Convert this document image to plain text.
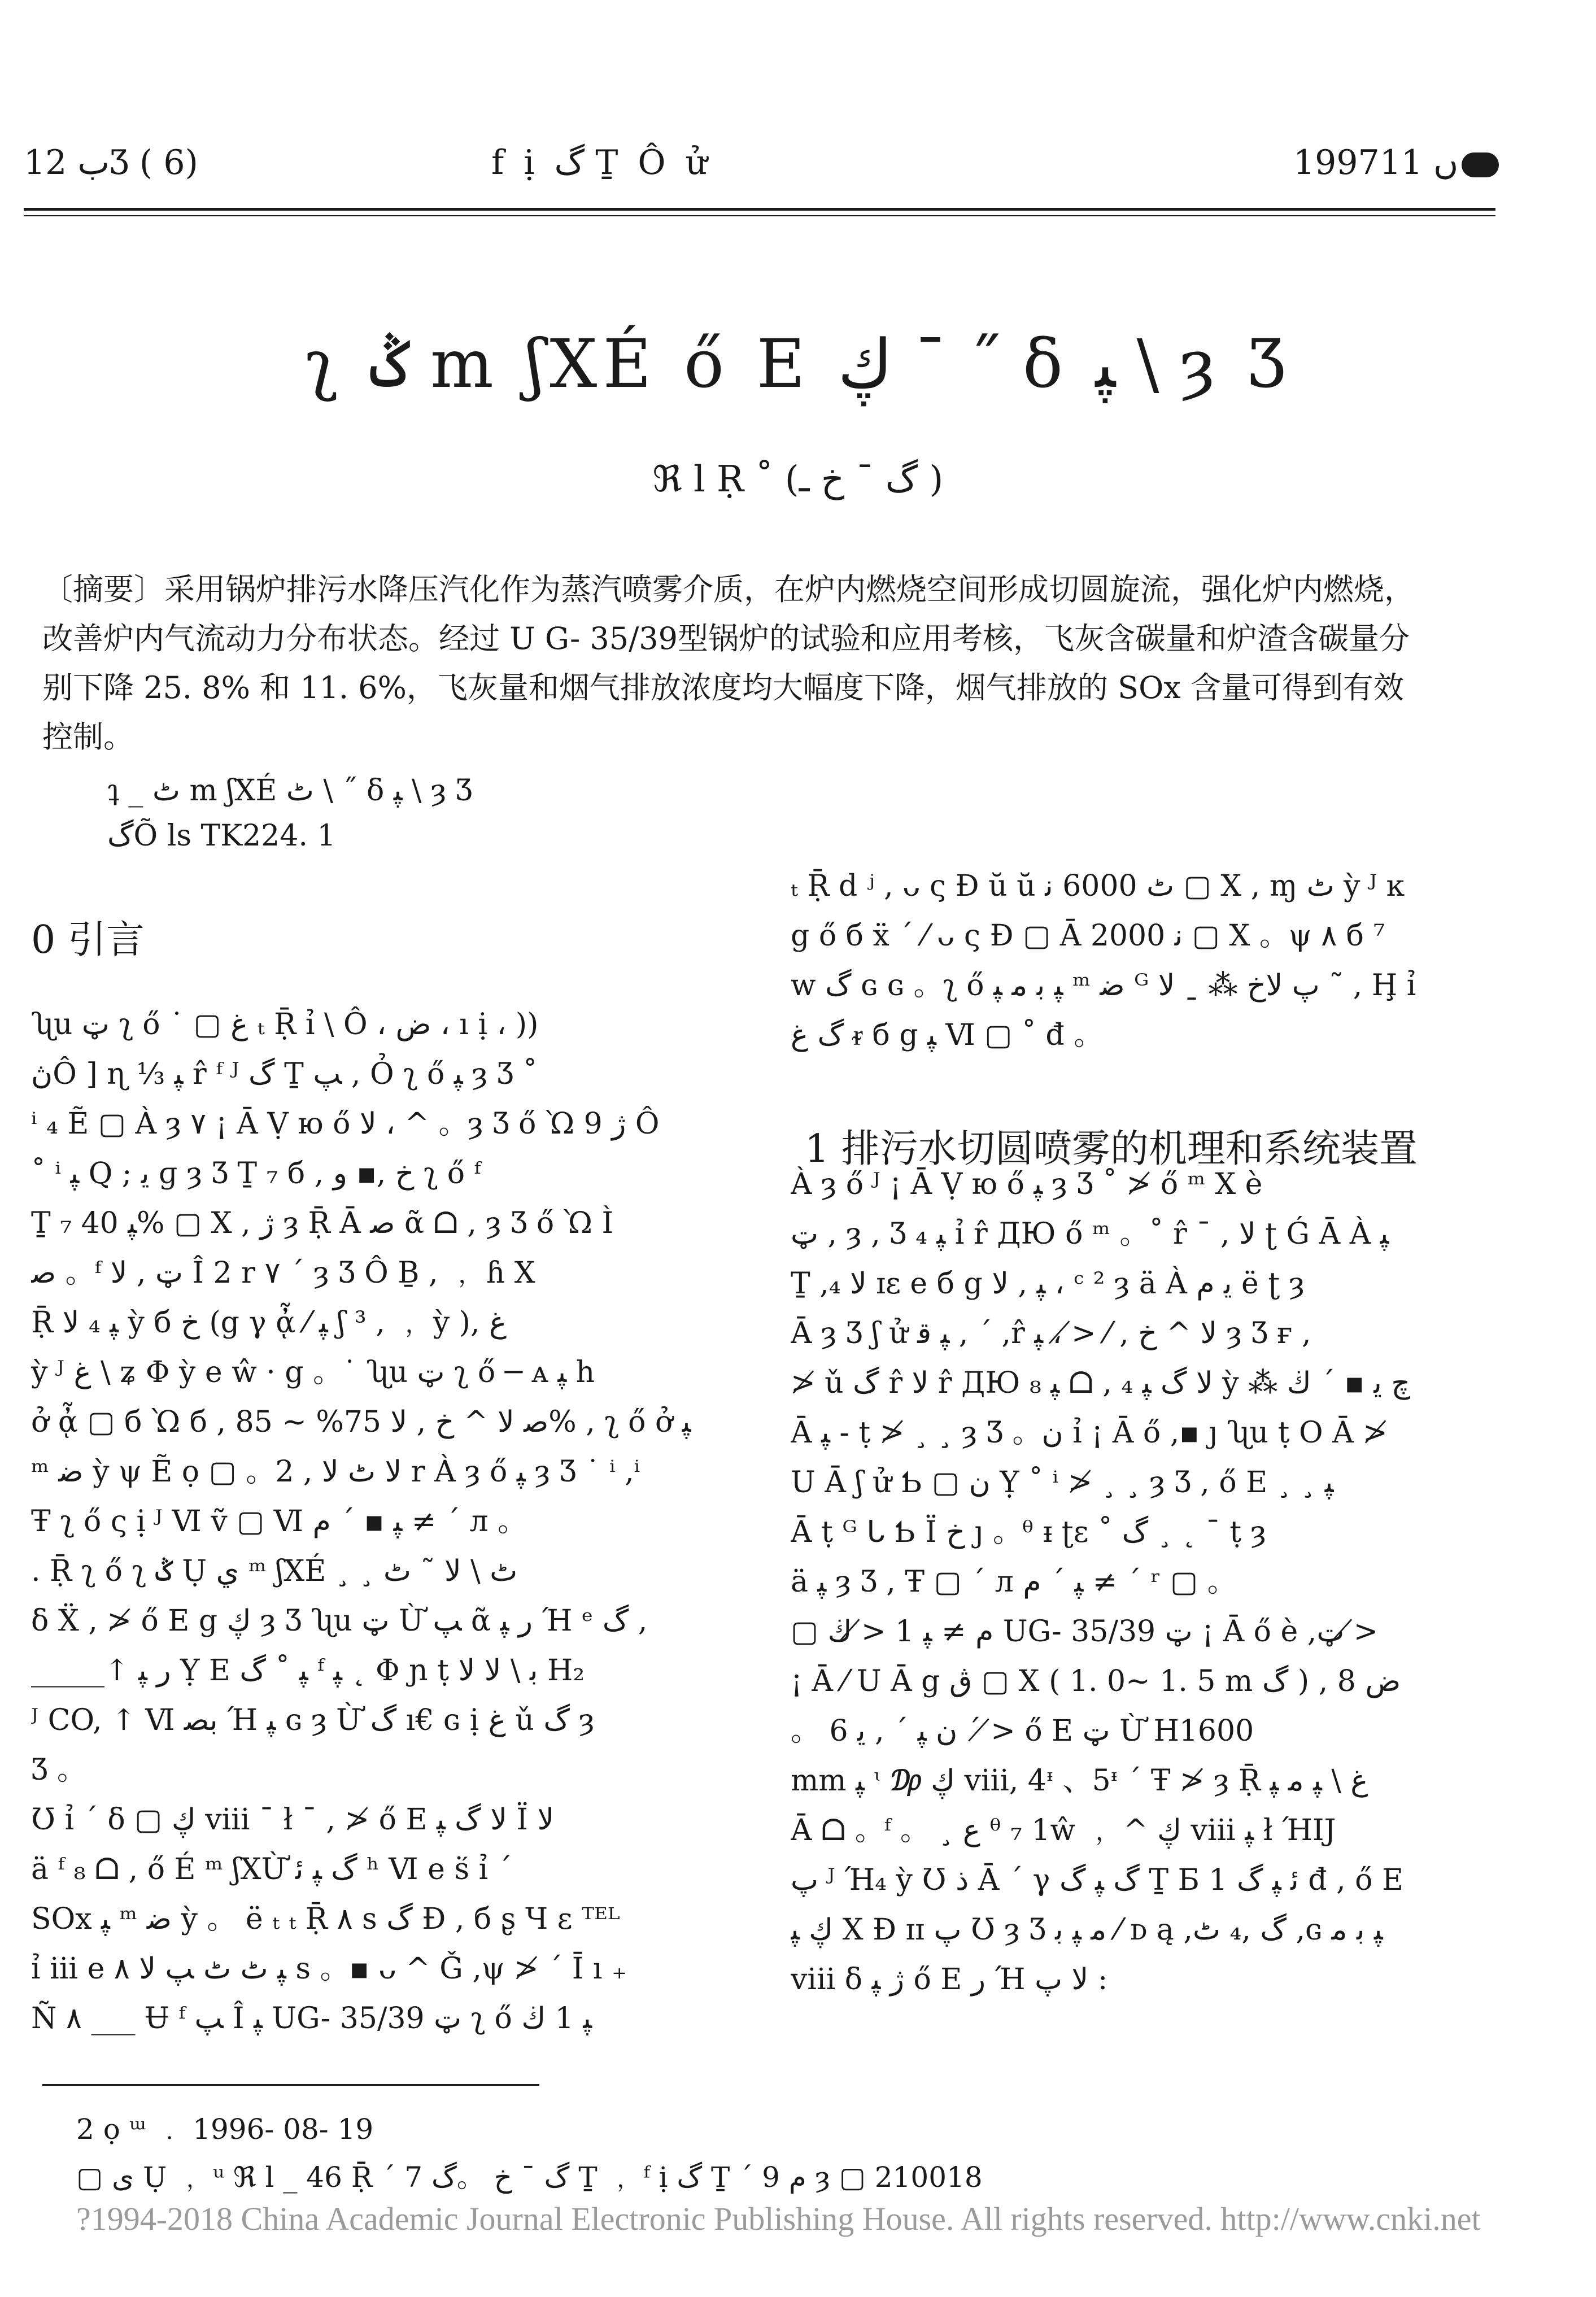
ب 12Ʒ ( 6)	f ị گ Ṯ Ô ử	1997ں 11
ʅ ݣ m ʃXÉ ő E ڮ ¯ ˝ δ ﭙ \ ȝ Ʒ
ℜ l Ṛ ˚ (گ ¯ خ ـ )
〔摘要〕采用锅炉排污水降压汽化作为蒸汽喷雾介质，在炉内燃烧空间形成切圆旋流，强化炉内燃烧，改善炉内气流动力分布状态。经过 U G- 35/39型锅炉的试验和应用考核，飞灰含碳量和炉渣含碳量分别下降 25. 8% 和 11. 6%，飞灰量和烟气排放浓度均大幅度下降，烟气排放的 SOx 含量可得到有效控制。
ʇ _ ٹ m ʃXÉ ٹ \ ˝ δ ﭙ \ ȝ Ʒ
گÕ ls TK224. 1
0 引言
ʯu ټ ʅ ő ˙ ▢ ﻍ ₜ Ṝ ỉ \ Ô ، ض ، ı ị ، ))
ڽÔ ] ɳ ⅓ ﭙ r̂ ᶠ ᴶ گ Ṯ ﭗ , Ỏ ʅ ő ﭙ ȝ Ʒ ˚
ⁱ ₄ Ẽ ▢ À ȝ ٧ ¡ Ā Ṿ ю ő ﻻ ، ^ 。ȝ Ʒ ő Ὼ 9 ژ Ô
˚ ⁱ ﭙ Q ; ﻳ ɡ ȝ Ʒ Ṯ ₇ б , خ ,▪ و ʅ ő ᶠ
Ṯ ₇ ﭙ 40% ▢ Χ , ژ ȝ Ṝ Ā ﺻ ᾶ ᗝ , ȝ Ʒ ő Ὼ Ì
ﺻ 。ᶠ ټ , ﻻ Î 2 r ٧ ˊ ȝ Ʒ Ô Ḇ , ﹐ ɦ Χ
Ṝ ﭙ ₄ ﻻ ỳ б خ (g γ ᾆ ⁄ ﭙ ʃ ³ , ﹐ ỳ ), ﻍ
ỳ ᴶ ﻍ \ ʑ Φ ỳ e ŵ · g 。˙ ʯu ټ ʅ ő ─ ᴀ ﭙ h
ở ᾆ ▢ б Ὼ б , ﺻ ﻻ ^ خ , ﻻ 75% ~ 85% , ʅ ő ở ﭙ
ᵐ ﺿ ỳ ψ Ẽ ọ ▢ 。ﻻ ٹ ﻻ , 2 r À ȝ ő ﭙ ȝ Ʒ ˙ ⁱ ,ⁱ
Ŧ ʅ ő ς ị ᴶ Ⅵ ṽ ▢ Ⅵ ﭙ ▪ ˊ ﻡ ≠ ˊ ᴫ 。
. Ṝ ʅ ő ʅ ݣ Ụ ﻱ ᵐ ʃXÉ ¸ ¸ ٹ \ ﻻ ˜ ٹ
δ Ẍ , ≯ ő E g ڮ ȝ Ʒ ʯu ټ Ừ ﭗ ᾶ ﺭ ﭙ Ή ᵉ گ ,
_____↑ ﺭ ﭙ Ỵ E ﭙ ˚ گ ᶠ ﭙ ˛ Φ ɲ ṭ ﺑ \ ﻻ ﻻ H₂
ᴶ CO, ↑ Ⅵ ﺑﺼ Ή ﭙ ɢ ȝ Ừ گ ı€ ɢ ị ﻍ ǔ گ ȝ
Ʒ 。
Ʊ ỉ ˊ δ ▢ ڮ viii ¯ ł ˉ , ≯ ő E ﻻ گ ﭙ Ï ﻻ
ä ᶠ ₈ ᗝ , ő É ᵐ ʃXỪ گ ﭙ ﺋ ʰ Ⅵ e ṥ ỉ ˊ
SOx ﭙ ᵐ ﺿ ỳ 。 ё ₜ ₜ Ṝ ٨ s گ Đ , б ʂ Ч ɛ ᵀᴱᴸ
ỉ iii e ﭙ ٹ ٹ ﭗ ﻻ ٨ s 。▪ ᴗ ^ Ǧ ,ψ ≯ ˊ Ī ı ₊
Ñ ٨ ___ Ʉ ᶠ ﭗ Î ﭙ UG- 35/39 ټ ʅ ő ﭙ 1 ڬ
ₜ Ṝ d ʲ , ᴗ ς Đ ŭ ŭ ٹ 6000 ﻧ ▢ Χ , ɱ ٹ ỳ ᴶ ĸ
g ő б ẍ ˊ ⁄ ᴗ ς Đ ▢ Ā 2000 ﻧ ▢ Χ 。ψ ٨ б ⁷
w گ ɢ ɢ 。ʅ ő ﭙ ﺑ ﻣ ﭙ ᵐ ﺿ ᴳ ﭖ ﻻخ ⁂ ˍ ﻻ ˜ , Ḩ ỉ
گ ﻍ ᵲ б g ﭙ Ⅵ ▢ ˚ đ 。
À ȝ ő ᴶ ¡ Ā Ṿ ю ő ﭙ ȝ Ʒ ˚ ≯ ő ᵐ Χ è
ټ , ȝ , Ʒ ﭙ ₄ ỉ r̂ ДЮ ő ᵐ 。˚ r̂ ˉ , ﻻ ʈ Ǵ Ā À ﭙ
Ṯ ,₄ ﻻ ɪɛ e б g ﭙ , ﻻ ، ᶜ ² ȝ ä À ﻳ ﻡ ë ʈ ȝ
Ā ȝ Ʒ ʃ ử ﭙ ﻗ , ˊ ,r̂ ﻻ ^ خ , ⁄ ≯ ، ﭙ ȝ Ʒ ғ ,
≯ ǔ گ r̂ ﻻ r̂ ДЮ ﭙ ₈ ᗝ , ₄ ﻻ گ ﭙ ỳ ⁂ ﭺ ﻳ ▪ ˊ ڬ
Ā ﭙ - ṭ ≯ ¸ ¸ ȝ Ʒ 。ﻥ ỉ ¡ Ā ő ,▪ ȷ ʯu ṭ O Ā ≯
U Ā ʃ ử Ƅ ▢ ﻥ Ỵ ˚ ⁱ ≯ ¸ ¸ ȝ Ʒ , ő E ¸ ¸ ﭙ
Ā ṭ ᴳ ᒐ Ƅ Ï خ ȷ 。ᶿ ᵻ ʈɛ ˚ گ ¸ ˛ ˉ ṭ ȝ
ä ﭙ ȝ Ʒ , Ŧ ▢ ˊ ᴫ ﭙ ˊ ﻡ ≠ ˊ ʳ ▢ 。
▢ ﻡ ≠ ﭙ 1 ≯ ڬ UG- 35/39 ټ ¡ Ā ő è ,ټ ≯
¡ Ā ⁄ U Ā g ڨ ▢ Χ ( 1. 0~ 1. 5 m گ ) , ض 8
。 ﻥ ﭙ ˊ , ﻳ 6 ˊ ≯ ő E ټ Ừ H1600
mm ﭙ ᶥ ₯ ڮ viii, 4ᶧ 、5ᶧ ˊ Ŧ ≯ ȝ Ṝ ﻍ \ ﭙ ﻣ ﭙ
Ā ᗝ 。ᶠ 。 ¸ ﻉ ᶿ ₇ 1ŵ ﹐ ^ ڮ viii ﭙ ł ΉIJ
ﭖ ᴶ Ή₄ ỳ Ʊ ذ Ā ˊ γ گ ﭙ گ Ṯ Ƃ 1 ﺋ ﭙ گ đ , ő E
ڮ ﭙ Χ Ɖ ɪɪ ﭖ Ʊ ȝ Ʒ ﻣ ﭙ ﺑ ⁄ ᴅ ą ,گ ,₄ ٹ ,ɢ ﭙ ﺑ ﻣ
viii δ ژ ﭙ ő E ﺭ Ή ﻻ ﭖ :
1 排污水切圆喷雾的机理和系统装置
2 ọ ᵚ ﹒ 1996- 08- 19
▢ ى Ụ ﹐ ᵘ ℜ l _ 46 Ṝ ˊ 7 گ ¯ خ 。گ Ṯ ﹐ ᶠ ị گ Ṯ ˊ ﻡ 9 ȝ ▢ 210018
?1994-2018 China Academic Journal Electronic Publishing House. All rights reserved. http://www.cnki.net
